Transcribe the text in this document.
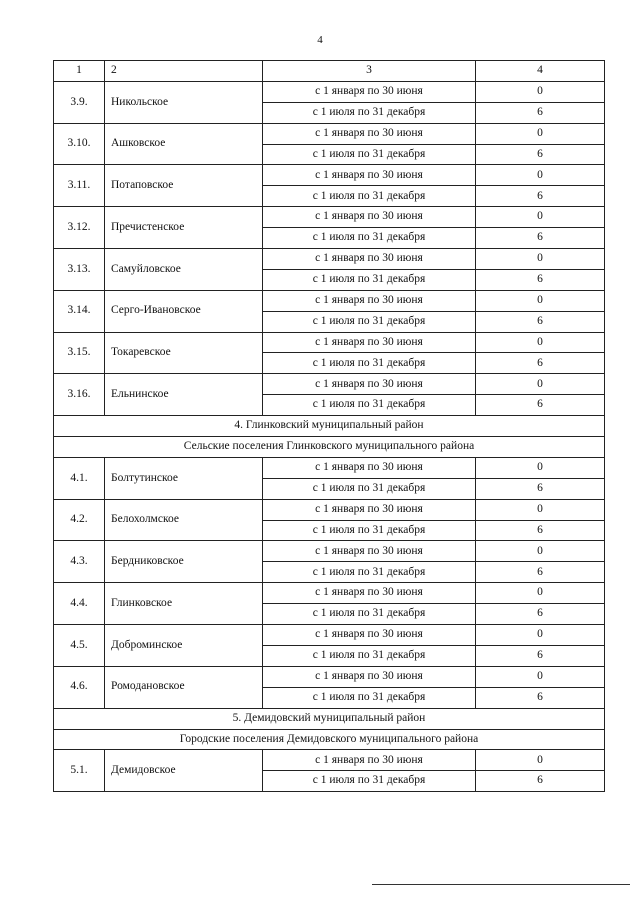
4
1	2	3	4
3.9.	Никольское	с 1 января по 30 июня	0
		с 1 июля по 31 декабря	6
3.10.	Ашковское	с 1 января по 30 июня	0
		с 1 июля по 31 декабря	6
3.11.	Потаповское	с 1 января по 30 июня	0
		с 1 июля по 31 декабря	6
3.12.	Пречистенское	с 1 января по 30 июня	0
		с 1 июля по 31 декабря	6
3.13.	Самуйловское	с 1 января по 30 июня	0
		с 1 июля по 31 декабря	6
3.14.	Серго-Ивановское	с 1 января по 30 июня	0
		с 1 июля по 31 декабря	6
3.15.	Токаревское	с 1 января по 30 июня	0
		с 1 июля по 31 декабря	6
3.16.	Ельнинское	с 1 января по 30 июня	0
		с 1 июля по 31 декабря	6
4. Глинковский муниципальный район			
Сельские поселения Глинковского муниципального района			
4.1.	Болтутинское	с 1 января по 30 июня	0
		с 1 июля по 31 декабря	6
4.2.	Белохолмское	с 1 января по 30 июня	0
		с 1 июля по 31 декабря	6
4.3.	Бердниковское	с 1 января по 30 июня	0
		с 1 июля по 31 декабря	6
4.4.	Глинковское	с 1 января по 30 июня	0
		с 1 июля по 31 декабря	6
4.5.	Доброминское	с 1 января по 30 июня	0
		с 1 июля по 31 декабря	6
4.6.	Ромодановское	с 1 января по 30 июня	0
		с 1 июля по 31 декабря	6
5. Демидовский муниципальный район			
Городские поселения Демидовского муниципального района			
5.1.	Демидовское	с 1 января по 30 июня	0
		с 1 июля по 31 декабря	6
